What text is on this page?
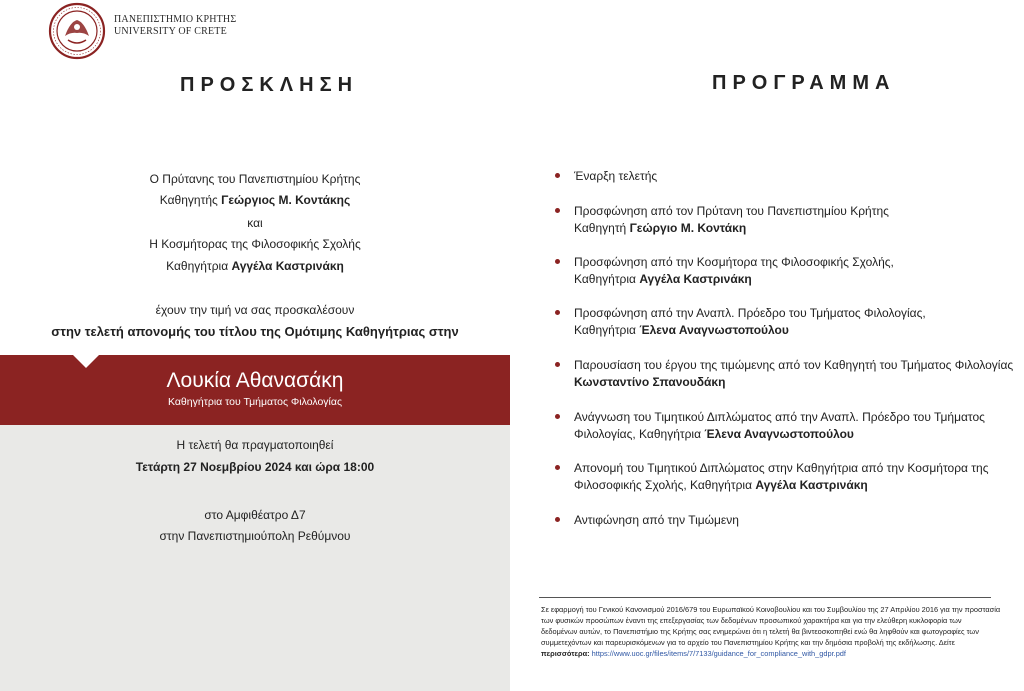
ΠΑΝΕΠΙΣΤΗΜΙΟ ΚΡΗΤΗΣ
UNIVERSITY OF CRETE
ΠΡΟΣΚΛΗΣΗ
Ο Πρύτανης του Πανεπιστημίου Κρήτης
Καθηγητής Γεώργιος Μ. Κοντάκης
και
Η Κοσμήτορας της Φιλοσοφικής Σχολής
Καθηγήτρια Αγγέλα Καστρινάκη
έχουν την τιμή να σας προσκαλέσουν
στην τελετή απονομής του τίτλου της Ομότιμης Καθηγήτριας στην
Λουκία Αθανασάκη
Καθηγήτρια του Τμήματος Φιλολογίας
Η τελετή θα πραγματοποιηθεί
Τετάρτη 27 Νοεμβρίου 2024 και ώρα 18:00
στο Αμφιθέατρο Δ7
στην Πανεπιστημιούπολη Ρεθύμνου
ΠΡΟΓΡΑΜΜΑ
Έναρξη τελετής
Προσφώνηση από τον Πρύτανη του Πανεπιστημίου Κρήτης
Καθηγητή Γεώργιο Μ. Κοντάκη
Προσφώνηση από την Κοσμήτορα της Φιλοσοφικής Σχολής,
Καθηγήτρια Αγγέλα Καστρινάκη
Προσφώνηση από την Αναπλ. Πρόεδρο του Τμήματος Φιλολογίας,
Καθηγήτρια Έλενα Αναγνωστοπούλου
Παρουσίαση του έργου της τιμώμενης από τον Καθηγητή του Τμήματος Φιλολογίας
Κωνσταντίνο Σπανουδάκη
Ανάγνωση του Τιμητικού Διπλώματος από την Αναπλ. Πρόεδρο του Τμήματος
Φιλολογίας, Καθηγήτρια Έλενα Αναγνωστοπούλου
Απονομή του Τιμητικού Διπλώματος στην Καθηγήτρια από την Κοσμήτορα της
Φιλοσοφικής Σχολής, Καθηγήτρια Αγγέλα Καστρινάκη
Αντιφώνηση από την Τιμώμενη
Σε εφαρμογή του Γενικού Κανονισμού 2016/679 του Ευρωπαϊκού Κοινοβουλίου και του Συμβουλίου της 27 Απριλίου 2016 για την προστασία
των φυσικών προσώπων έναντι της επεξεργασίας των δεδομένων προσωπικού χαρακτήρα και για την ελεύθερη κυκλοφορία των
δεδομένων αυτών, το Πανεπιστήμιο της Κρήτης σας ενημερώνει ότι η τελετή θα βιντεοσκοπηθεί ενώ θα ληφθούν και φωτογραφίες των
συμμετεχόντων και παρευρισκόμενων για το αρχείο του Πανεπιστημίου Κρήτης και την δημόσια προβολή της εκδήλωσης. Δείτε
περισσότερα: https://www.uoc.gr/files/items/7/7133/guidance_for_compliance_with_gdpr.pdf
